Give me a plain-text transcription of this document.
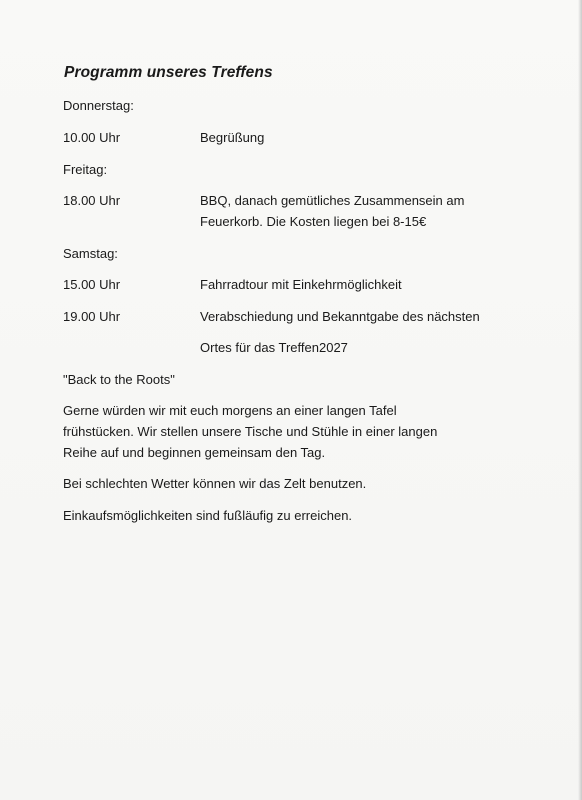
Programm unseres Treffens
Donnerstag:
10.00 Uhr	Begrüßung
Freitag:
18.00 Uhr	BBQ, danach gemütliches Zusammensein am
Feuerkorb. Die Kosten liegen bei 8-15€
Samstag:
15.00 Uhr	Fahrradtour mit Einkehrmöglichkeit
19.00 Uhr	Verabschiedung und Bekanntgabe des nächsten
Ortes für das Treffen2027
"Back to the Roots"
Gerne würden wir mit euch morgens an einer langen Tafel
frühstücken. Wir stellen unsere Tische und Stühle in einer langen
Reihe auf und beginnen gemeinsam den Tag.
Bei schlechten Wetter können wir das Zelt benutzen.
Einkaufsmöglichkeiten sind fußläufig zu erreichen.
